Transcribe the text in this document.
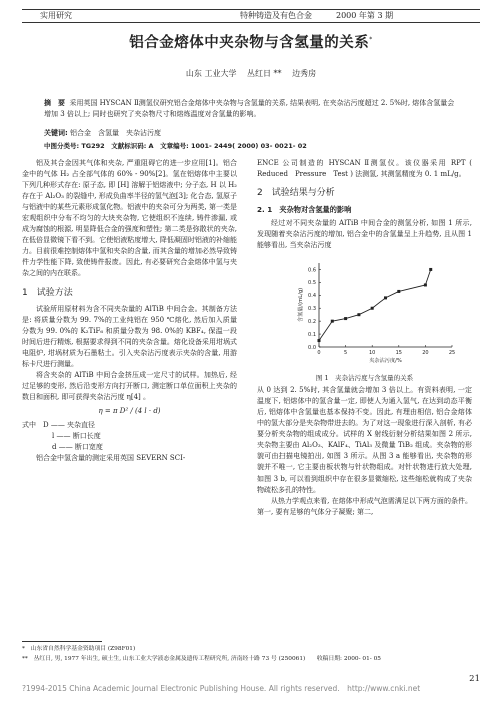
实用研究	特种铸造及有色合金	2000 年第 3 期
铝合金熔体中夹杂物与含氢量的关系*
山东 工业大学　 丛红日 ** 　边秀房
摘　要 采用英国 HYSCAN Ⅱ测氢仪研究铝合金熔体中夹杂物与含氢量的关系, 结果表明, 在夹杂沾污度超过 2. 5%时, 熔体含氢量会增加 3 倍以上; 同时也研究了夹杂物尺寸和熔炼温度对含氢量的影响。
关键词: 铝合金　含氢量　夹杂沾污度
中图分类号: TG292　文献标识码: A　文章编号: 1001- 2449( 2000) 03- 0021- 02

铝及其合金因其气体和夹杂, 严重阻碍它的进一步应用[1]。铝合金中的气体 H₂ 占全部气体的 60% - 90%[2]。氢在铝熔体中主要以下列几种形式存在: 原子态, 即 [H] 溶解于铝熔液中; 分子态, H 以 H₂ 存在于 Al₂O₃ 的裂缝中, 形成负曲率半径的氢气泡[3]; 化合态, 氢原子与铝液中的某些元素形成氢化物。铝液中的夹杂可分为两类, 第一类是宏观组织中分布不均匀的大块夹杂物, 它使组织不连续, 铸件渗漏, 或成为腐蚀的根源, 明显降低合金的强度和塑性; 第二类是弥散状的夹杂, 在低倍显微镜下看不到。它使铝液粘度增大, 降低凝固时铝液的补缩能力。目前很难控制熔体中氢和夹杂的含量, 而其含量的增加必然导致铸件力学性能下降, 致使铸件报废。因此, 有必要研究合金熔体中氢与夹杂之间的内在联系。

1　试验方法

试验所用原材料为含不同夹杂量的 AlTiB 中间合金。其制备方法是: 将质量分数为 99. 7%的工业纯铝在 950 ℃熔化, 然后加入质量分数为 99. 0%的 K₂TiF₆ 和质量分数为 98. 0%的 KBF₄, 保温一段时间后进行精炼, 根据要求得到不同的夹杂含量。熔化设备采用坩埚式电阻炉, 坩埚材质为石墨粘土。引入夹杂沾污度表示夹杂的含量, 用游标卡尺进行测量。

将含夹杂的 AlTiB 中间合金挤压成一定尺寸的试样。加热后, 经过足够的变形, 然后沿变形方向打开断口, 测定断口单位面积上夹杂的数目和面积, 即可获得夹杂沾污度 η[4] 。

η = π D² / (4 l · d)
式中　D —— 夹杂直径
l —— 断口长度
d —— 断口宽度

铝合金中氢含量的测定采用英国 SEVERN SCI-

ENCE 公司制造的 HYSCAN Ⅱ测氢仪。该仪器采用 RPT ( Reduced　Pressure　Test ) 法测氢, 其测氢精度为 0. 1 mL/g。

2　试验结果与分析
2. 1　夹杂物对含氢量的影响

经过对不同夹杂量的 AlTiB 中间合金的测氢分析, 如图 1 所示, 发现随着夹杂沾污度的增加, 铝合金中的含氢量呈上升趋势, 且从图 1 能够看出, 当夹杂沾污度

0	5	10	15	20	25
0.0
0.1
0.2
0.3
0.4
0.5
0.6
夹杂沾污度/%
含氢量/(mL/g)
图 1　夹杂沾污度与含氢量的关系

从 0 达到 2. 5%时, 其含氢量就会增加 3 倍以上。有资料表明, 一定温度下, 铝熔体中的氢含量一定, 即使人为通入氢气, 在达到动态平衡后, 铝熔体中含氢量也基本保持不变。因此, 有理由相信, 铝合金熔体中的氢大部分是夹杂物带进去的。为了对这一现象进行深入剖析, 有必要分析夹杂物的组成成分。试样的 X 射线衍射分析结果如图 2 所示, 夹杂物主要由 Al₂O₃、KAlF₄、TiAl₃ 及微量 TiB₂ 组成。夹杂物的形貌可由扫描电镜拍出, 如图 3 所示。从图 3 a 能够看出, 夹杂物的形貌并不唯一, 它主要由板状物与针状物组成。对针状物进行放大处理, 如图 3 b, 可以看到组织中存在很多显微缩松, 这些缩松就构成了夹杂物疏松多孔的特性。

从热力学观点来看, 在熔体中形成气泡需满足以下两方面的条件。第一, 要有足够的气体分子凝聚; 第二,

*　山东省自然科学基金资助项目 (Z98F01)
**　丛红日, 男, 1977 年出生, 硕士生, 山东工业大学液态金属及遗传工程研究所, 济南经十路 73 号 (250061)　　收稿日期: 2000- 01- 05
?1994-2015 China Academic Journal Electronic Publishing House. All rights reserved.　http://www.cnki.net
21
